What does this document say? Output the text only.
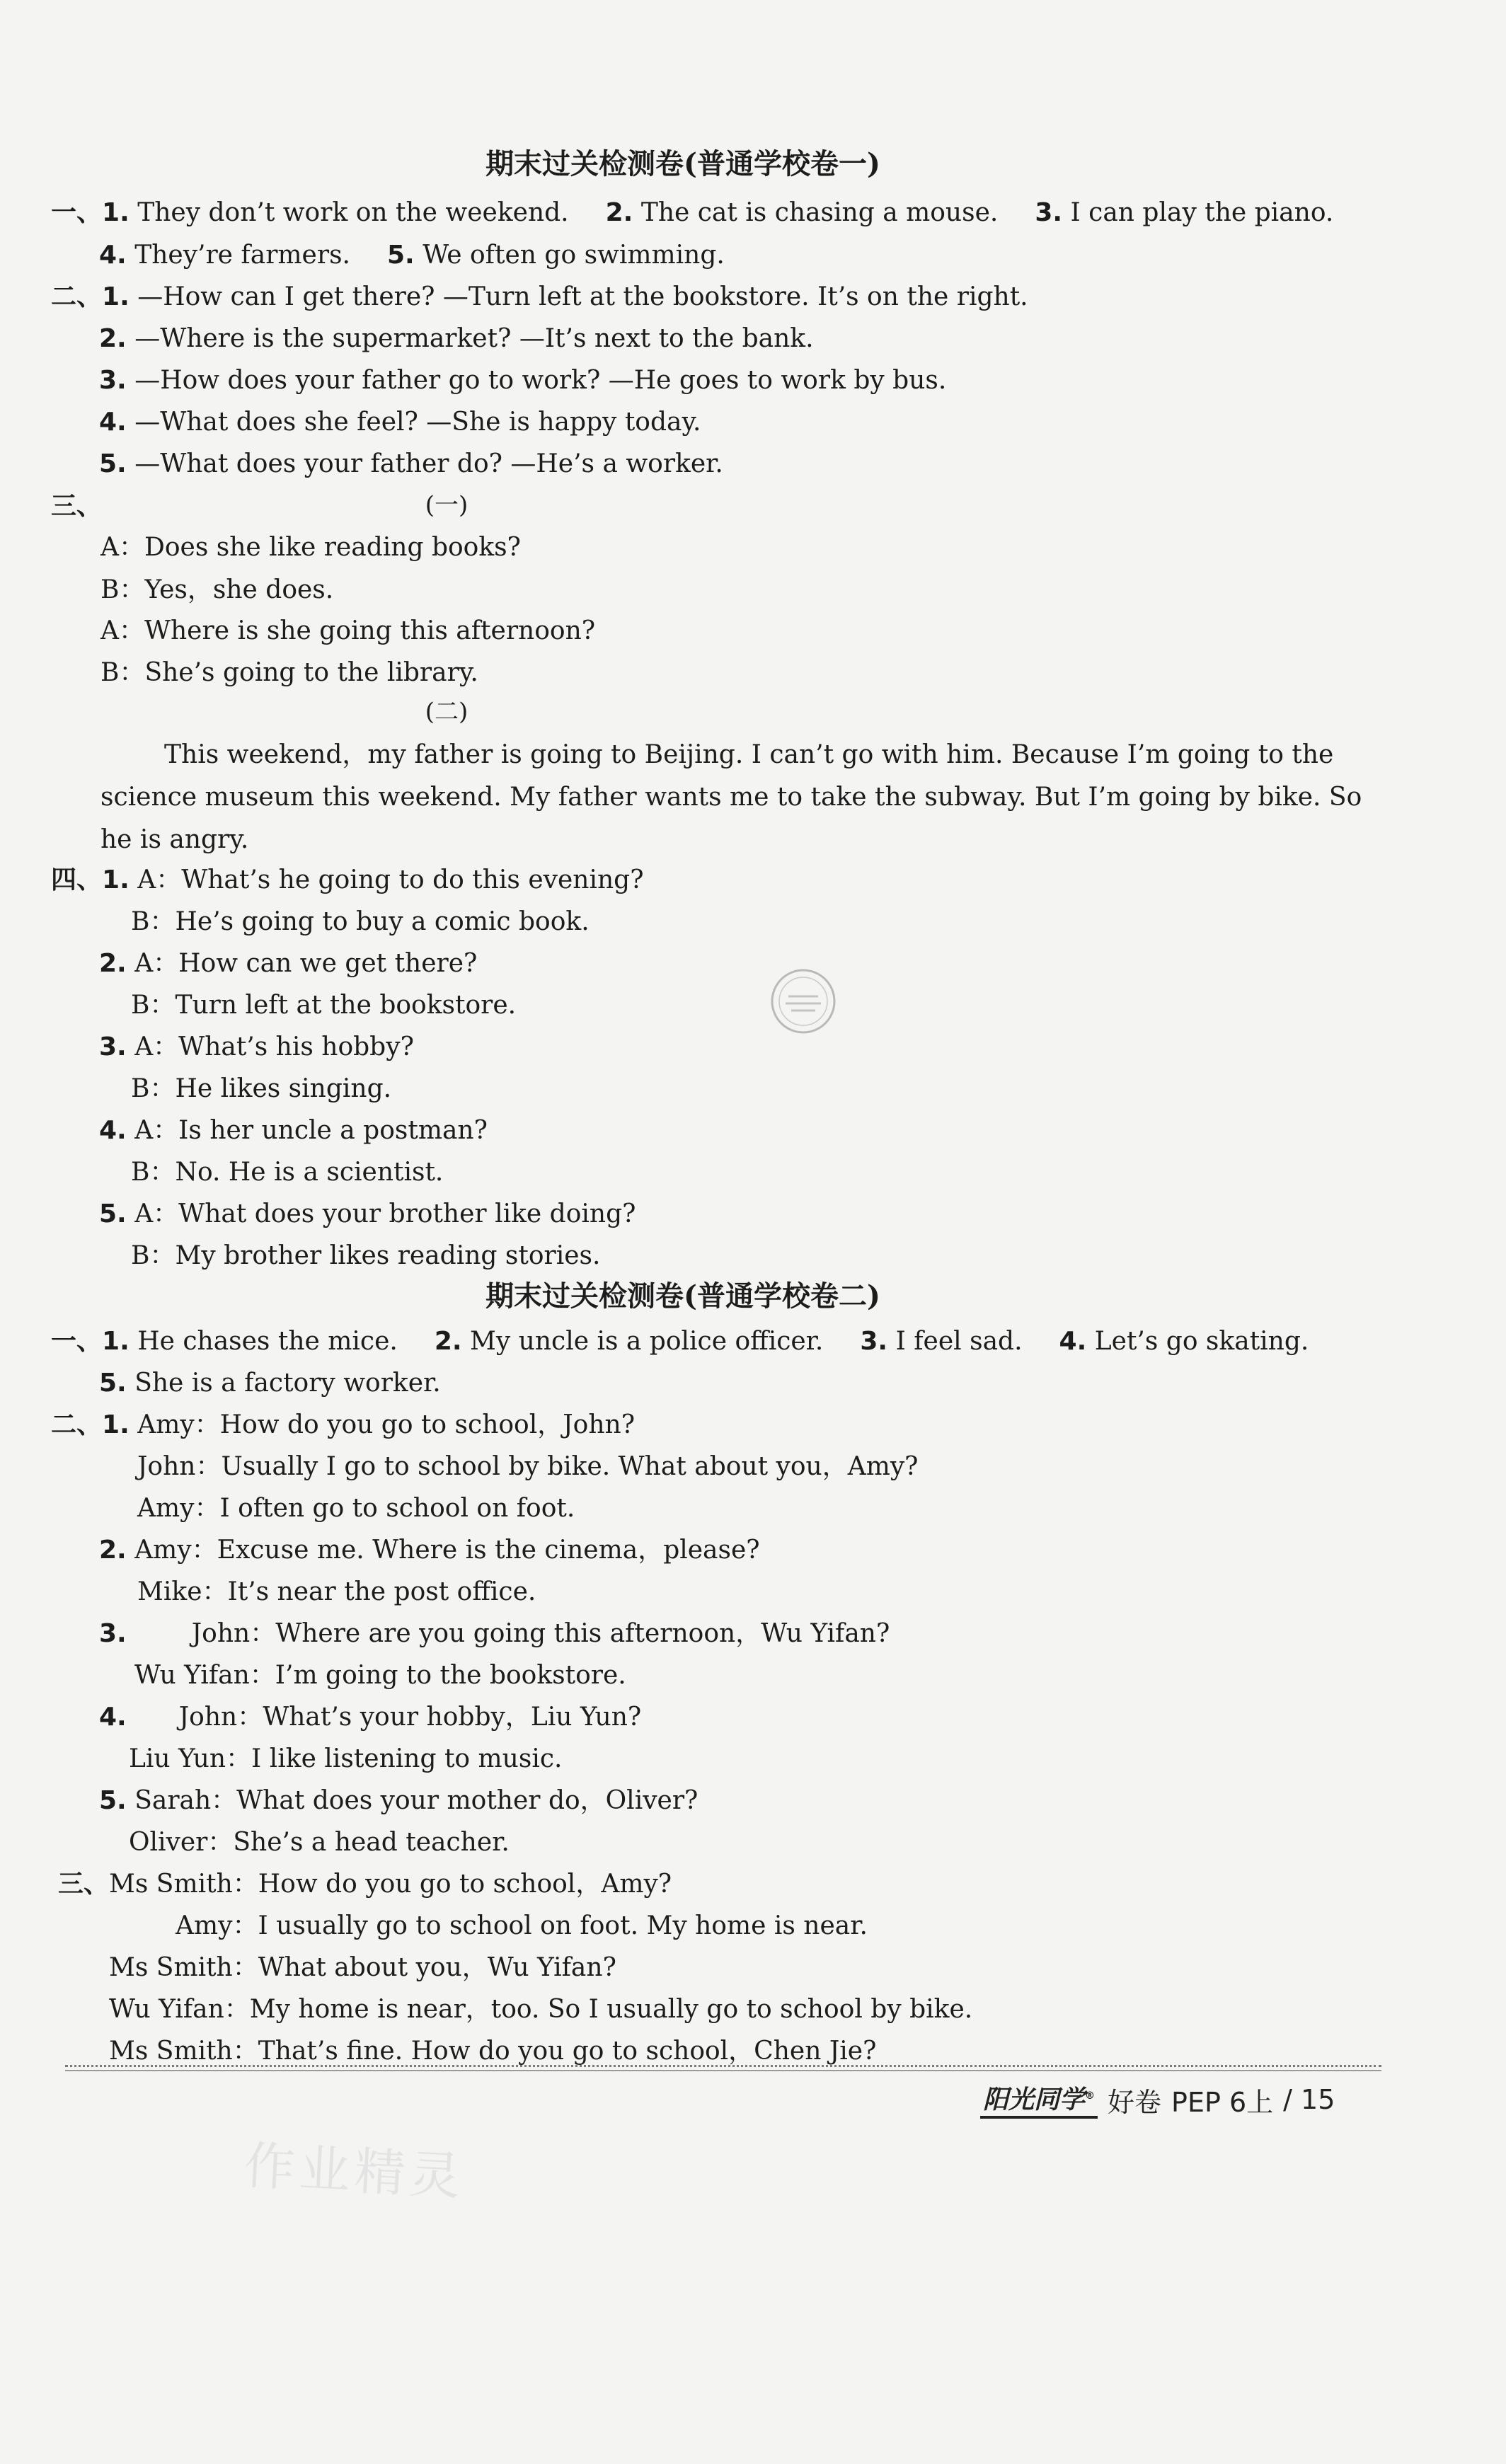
期末过关检测卷(普通学校卷一)
一、1. They don’t work on the weekend. 2. The cat is chasing a mouse. 3. I can play the piano.
4. They’re farmers. 5. We often go swimming.
二、1. —How can I get there? —Turn left at the bookstore. It’s on the right.
2. —Where is the supermarket? —It’s next to the bank.
3. —How does your father go to work? —He goes to work by bus.
4. —What does she feel? —She is happy today.
5. —What does your father do? —He’s a worker.
三、	(一)
A：Does she like reading books?
B：Yes，she does.
A：Where is she going this afternoon?
B：She’s going to the library.
(二)
This weekend，my father is going to Beijing. I can’t go with him. Because I’m going to the science museum this weekend. My father wants me to take the subway. But I’m going by bike. So he is angry.
四、1. A：What’s he going to do this evening?
B：He’s going to buy a comic book.
2. A：How can we get there?
B：Turn left at the bookstore.
3. A：What’s his hobby?
B：He likes singing.
4. A：Is her uncle a postman?
B：No. He is a scientist.
5. A：What does your brother like doing?
B：My brother likes reading stories.
期末过关检测卷(普通学校卷二)
一、1. He chases the mice. 2. My uncle is a police officer. 3. I feel sad. 4. Let’s go skating.
5. She is a factory worker.
二、1. Amy：How do you go to school，John?
John：Usually I go to school by bike. What about you，Amy?
Amy：I often go to school on foot.
2. Amy：Excuse me. Where is the cinema，please?
Mike：It’s near the post office.
3.	John：Where are you going this afternoon，Wu Yifan?
Wu Yifan：I’m going to the bookstore.
4. John：What’s your hobby，Liu Yun?
Liu Yun：I like listening to music.
5. Sarah：What does your mother do，Oliver?
Oliver：She’s a head teacher.
三、Ms Smith：How do you go to school，Amy?
Amy：I usually go to school on foot. My home is near.
Ms Smith：What about you，Wu Yifan?
Wu Yifan：My home is near，too. So I usually go to school by bike.
Ms Smith：That’s fine. How do you go to school，Chen Jie?
阳光同学® 好卷 PEP 6上 / 15
作业精灵
